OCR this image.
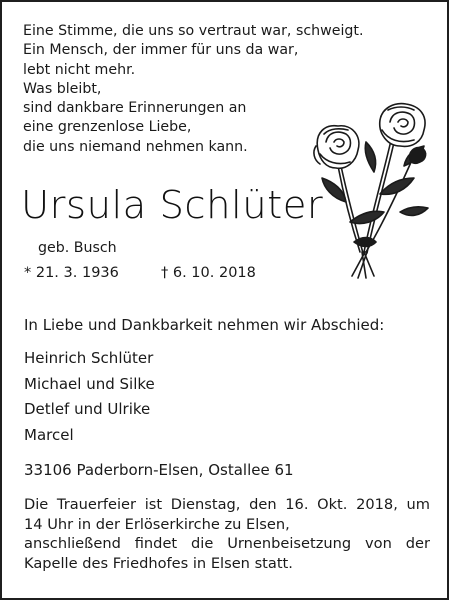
Eine Stimme, die uns so vertraut war, schweigt.
Ein Mensch, der immer für uns da war,
lebt nicht mehr.
Was bleibt,
sind dankbare Erinnerungen an
eine grenzenlose Liebe,
die uns niemand nehmen kann.
Ursula Schlüter
geb. Busch
* 21. 3. 1936	† 6. 10. 2018
In Liebe und Dankbarkeit nehmen wir Abschied:
Heinrich Schlüter
Michael und Silke
Detlef und Ulrike
Marcel
33106 Paderborn-Elsen, Ostallee 61
Die Trauerfeier ist Dienstag, den 16. Okt. 2018, um
14 Uhr in der Erlöserkirche zu Elsen,
anschließend findet die Urnenbeisetzung von der
Kapelle des Friedhofes in Elsen statt.
